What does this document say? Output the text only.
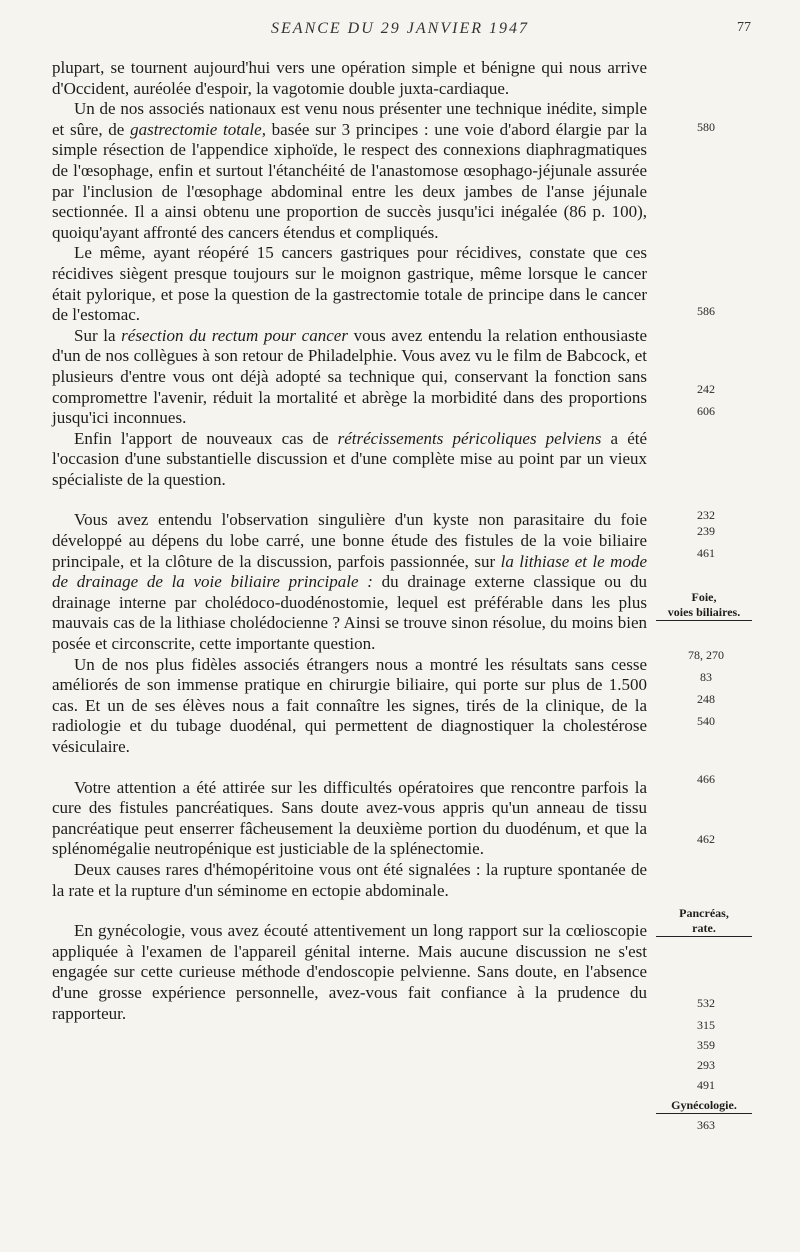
SEANCE DU 29 JANVIER 1947	77

plupart, se tournent aujourd'hui vers une opération simple et bénigne qui nous arrive d'Occident, auréolée d'espoir, la vagotomie double juxta-cardiaque.

Un de nos associés nationaux est venu nous présenter une technique inédite, simple et sûre, de gastrectomie totale, basée sur 3 principes : une voie d'abord élargie par la simple résection de l'appendice xiphoïde, le respect des connexions diaphragmatiques de l'œsophage, enfin et surtout l'étanchéité de l'anastomose œsophago-jéjunale assurée par l'inclusion de l'œsophage abdominal entre les deux jambes de l'anse jéjunale sectionnée. Il a ainsi obtenu une proportion de succès jusqu'ici inégalée (86 p. 100), quoiqu'ayant affronté des cancers étendus et compliqués.

Le même, ayant réopéré 15 cancers gastriques pour récidives, constate que ces récidives siègent presque toujours sur le moignon gastrique, même lorsque le cancer était pylorique, et pose la question de la gastrectomie totale de principe dans le cancer de l'estomac.

Sur la résection du rectum pour cancer vous avez entendu la relation enthousiaste d'un de nos collègues à son retour de Philadelphie. Vous avez vu le film de Babcock, et plusieurs d'entre vous ont déjà adopté sa technique qui, conservant la fonction sans compromettre l'avenir, réduit la mortalité et abrège la morbidité dans des proportions jusqu'ici inconnues.

Enfin l'apport de nouveaux cas de rétrécissements péricoliques pelviens a été l'occasion d'une substantielle discussion et d'une complète mise au point par un vieux spécialiste de la question.

Vous avez entendu l'observation singulière d'un kyste non parasitaire du foie développé au dépens du lobe carré, une bonne étude des fistules de la voie biliaire principale, et la clôture de la discussion, parfois passionnée, sur la lithiase et le mode de drainage de la voie biliaire principale : du drainage externe classique ou du drainage interne par cholédoco-duodénostomie, lequel est préférable dans les plus mauvais cas de la lithiase cholédocienne ? Ainsi se trouve sinon résolue, du moins bien posée et circonscrite, cette importante question.

Un de nos plus fidèles associés étrangers nous a montré les résultats sans cesse améliorés de son immense pratique en chirurgie biliaire, qui porte sur plus de 1.500 cas. Et un de ses élèves nous a fait connaître les signes, tirés de la clinique, de la radiologie et du tubage duodénal, qui permettent de diagnostiquer la cholestérose vésiculaire.

Votre attention a été attirée sur les difficultés opératoires que rencontre parfois la cure des fistules pancréatiques. Sans doute avez-vous appris qu'un anneau de tissu pancréatique peut enserrer fâcheusement la deuxième portion du duodénum, et que la splénomégalie neutropénique est justiciable de la splénectomie.

Deux causes rares d'hémopéritoine vous ont été signalées : la rupture spontanée de la rate et la rupture d'un séminome en ectopie abdominale.

En gynécologie, vous avez écouté attentivement un long rapport sur la cœlioscopie appliquée à l'examen de l'appareil génital interne. Mais aucune discussion ne s'est engagée sur cette curieuse méthode d'endoscopie pelvienne. Sans doute, en l'absence d'une grosse expérience personnelle, avez-vous fait confiance à la prudence du rapporteur.

580
586
242
606
232
239
461
Foie,
voies biliaires.
78, 270
83
248
540
466
462
Pancréas,
rate.
532
315
359
293
491
Gynécologie.
363
